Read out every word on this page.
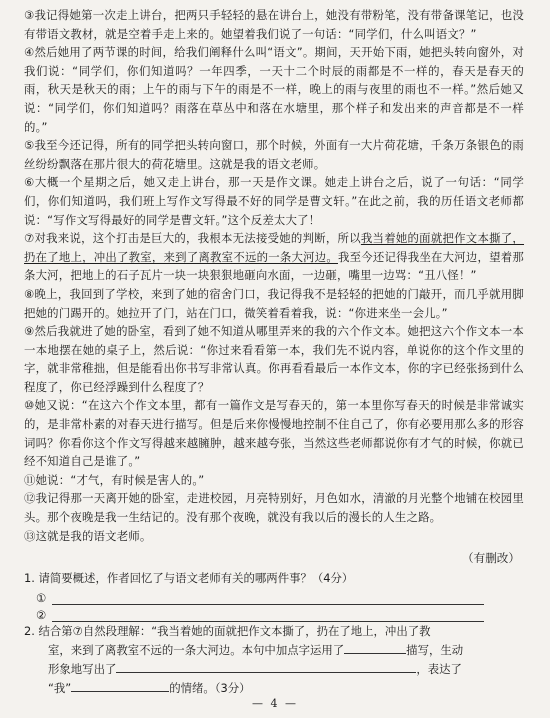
③我记得她第一次走上讲台，把两只手轻轻的悬在讲台上，她没有带粉笔，没有带备课笔记，也没有带语文教材，就是空着手走上来的。她望着我们说了一句话：“同学们，什么叫语文？”

④然后她用了两节课的时间，给我们阐释什么叫“语文”。期间，天开始下雨，她把头转向窗外，对我们说：“同学们，你们知道吗？一年四季，一天十二个时辰的雨都是不一样的，春天是春天的雨，秋天是秋天的雨；上午的雨与下午的雨是不一样，晚上的雨与夜里的雨也不一样。”然后她又说：“同学们，你们知道吗？雨落在草丛中和落在水塘里，那个样子和发出来的声音都是不一样的。”

⑤我至今还记得，所有的同学把头转向窗口，那个时候，外面有一大片荷花塘，千条万条银色的雨丝纷纷飘落在那片很大的荷花塘里。这就是我的语文老师。

⑥大概一个星期之后，她又走上讲台，那一天是作文课。她走上讲台之后，说了一句话：“同学们，你们知道吗，我们班上写作文写得最不好的同学是曹文轩。”在此之前，我的历任语文老师都说：“写作文写得最好的同学是曹文轩。”这个反差太大了！

⑦对我来说，这个打击是巨大的，我根本无法接受她的判断，所以我当着她的面就把作文本撕了，扔在了地上，冲出了教室，来到了离教室不远的一条大河边。我至今还记得我坐在大河边，望着那条大河，把地上的石子瓦片一块一块狠狠地砸向水面，一边砸，嘴里一边骂：“丑八怪！”

⑧晚上，我回到了学校，来到了她的宿舍门口，我记得我不是轻轻的把她的门敲开，而几乎就用脚把她的门踢开的。她拉开了门，站在门口，微笑着看着我，说：“你进来坐一会儿。”

⑨然后我就进了她的卧室，看到了她不知道从哪里弄来的我的六个作文本。她把这六个作文本一本一本地摆在她的桌子上，然后说：“你过来看看第一本，我们先不说内容，单说你的这个作文里的字，就非常稚拙，但是能看出你书写非常认真。你再看看最后一本作文本，你的字已经张扬到什么程度了，你已经浮躁到什么程度了？

⑩她又说：“在这六个作文本里，都有一篇作文是写春天的，第一本里你写春天的时候是非常诚实的，是非常朴素的对春天进行描写。但是后来你慢慢地控制不住自己了，你有必要用那么多的形容词吗？你看你这个作文写得越来越臃肿，越来越夸张，当然这些老师都说你有才气的时候，你就已经不知道自己是谁了。”

⑪她说：“才气，有时候是害人的。”

⑫我记得那一天离开她的卧室，走进校园，月亮特别好，月色如水，清澈的月光整个地铺在校园里头。那个夜晚是我一生结记的。没有那个夜晚，就没有我以后的漫长的人生之路。

⑬这就是我的语文老师。

（有删改）

1. 请简要概述，作者回忆了与语文老师有关的哪两件事？（4分）

①
②

2. 结合第⑦自然段理解：“我当着她的面就把作文本撕了，扔在了地上，冲出了教

室，来到了离教室不远的一条大河边。本句中加点字运用了	描写，生动

形象地写出了	，表达了

“我”	的情绪。（3分）

— 4 —
